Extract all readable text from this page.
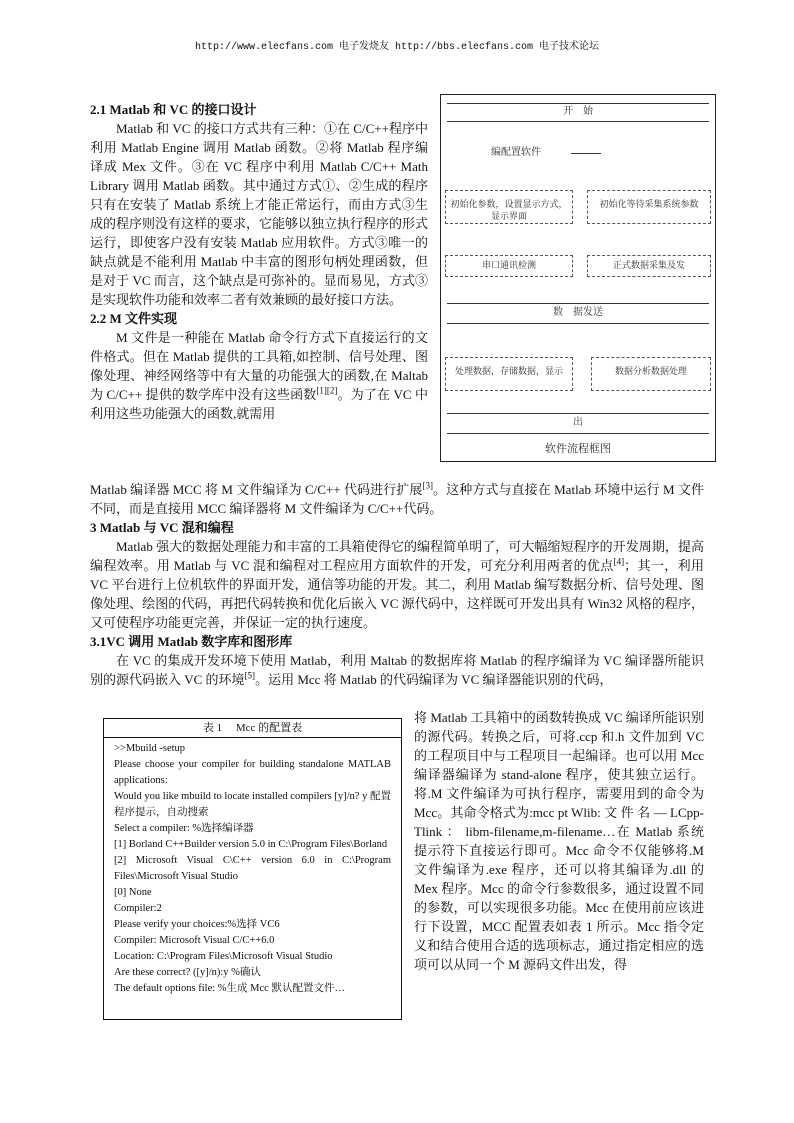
http://www.elecfans.com 电子发烧友 http://bbs.elecfans.com 电子技术论坛

2.1 Matlab 和 VC 的接口设计

Matlab 和 VC 的接口方式共有三种：①在 C/C++程序中利用 Matlab Engine 调用 Matlab 函数。②将 Matlab 程序编译成 Mex 文件。③在 VC 程序中利用 Matlab C/C++ Math Library 调用 Matlab 函数。其中通过方式①、②生成的程序只有在安装了 Matlab 系统上才能正常运行，而由方式③生成的程序则没有这样的要求，它能够以独立执行程序的形式运行，即使客户没有安装 Matlab 应用软件。方式③唯一的缺点就是不能利用 Matlab 中丰富的图形句柄处理函数，但是对于 VC 而言，这个缺点是可弥补的。显而易见，方式③是实现软件功能和效率二者有效兼顾的最好接口方法。

2.2 M 文件实现

M 文件是一种能在 Matlab 命令行方式下直接运行的文件格式。但在 Matlab 提供的工具箱,如控制、信号处理、图像处理、神经网络等中有大量的功能强大的函数,在 Maltab 为 C/C++ 提供的数学库中没有这些函数[1][2]。为了在 VC 中利用这些功能强大的函数,就需用

开　始
编配置软件
初始化参数，设置显示方式，显示界面
初始化等待采集系统参数
串口通讯检测	正式数据采集及发
数　据发送
处理数据，存储数据，显示	数据分析数据处理
出
软件流程框图

Matlab 编译器 MCC 将 M 文件编译为 C/C++ 代码进行扩展[3]。这种方式与直接在 Matlab 环境中运行 M 文件不同，而是直接用 MCC 编译器将 M 文件编译为 C/C++代码。

3 Matlab 与 VC 混和编程

Matlab 强大的数据处理能力和丰富的工具箱使得它的编程简单明了，可大幅缩短程序的开发周期，提高编程效率。用 Matlab 与 VC 混和编程对工程应用方面软件的开发，可充分利用两者的优点[4]；其一，利用 VC 平台进行上位机软件的界面开发，通信等功能的开发。其二，利用 Matlab 编写数据分析、信号处理、图像处理、绘图的代码，再把代码转换和优化后嵌入 VC 源代码中，这样既可开发出具有 Win32 风格的程序，又可使程序功能更完善，并保证一定的执行速度。

3.1VC 调用 Matlab 数字库和图形库

在 VC 的集成开发环境下使用 Matlab，利用 Maltab 的数据库将 Matlab 的程序编译为 VC 编译器所能识别的源代码嵌入 VC 的环境[5]。运用 Mcc 将 Matlab 的代码编译为 VC 编译器能识别的代码，

表 1　 Mcc 的配置表
>>Mbuild -setup
Please choose your compiler for building standalone MATLAB applications:
Would you like mbuild to locate installed compilers [y]/n? y 配置程序提示，自动搜索
Select a compiler: %选择编译器
[1] Borland C++Builder version 5.0 in C:\Program Files\Borland
[2] Microsoft Visual C\C++ version 6.0 in C:\Program Files\Microsoft Visual Studio
[0] None
Compiler:2
Please verify your choices:%选择 VC6
Compiler: Microsoft Visual C/C++6.0
Location: C:\Program Files\Microsoft Visual Studio
Are these correct? ([y]/n):y %确认
The default options file: %生成 Mcc 默认配置文件…

将 Matlab 工具箱中的函数转换成 VC 编译所能识别的源代码。转换之后，可将.ccp 和.h 文件加到 VC 的工程项目中与工程项目一起编译。也可以用 Mcc 编译器编译为 stand-alone 程序，使其独立运行。将.M 文件编译为可执行程序，需要用到的命令为 Mcc。其命令格式为:mcc pt Wlib: 文 件 名 — LCpp-Tlink ： libm-filename,m-filename…在 Matlab 系统提示符下直接运行即可。Mcc 命令不仅能够将.M 文件编译为.exe 程序，还可以将其编译为.dll 的 Mex 程序。Mcc 的命令行参数很多，通过设置不同的参数，可以实现很多功能。Mcc 在使用前应该进行下设置，MCC 配置表如表 1 所示。Mcc 指令定义和结合使用合适的选项标志，通过指定相应的选项可以从同一个 M 源码文件出发，得
